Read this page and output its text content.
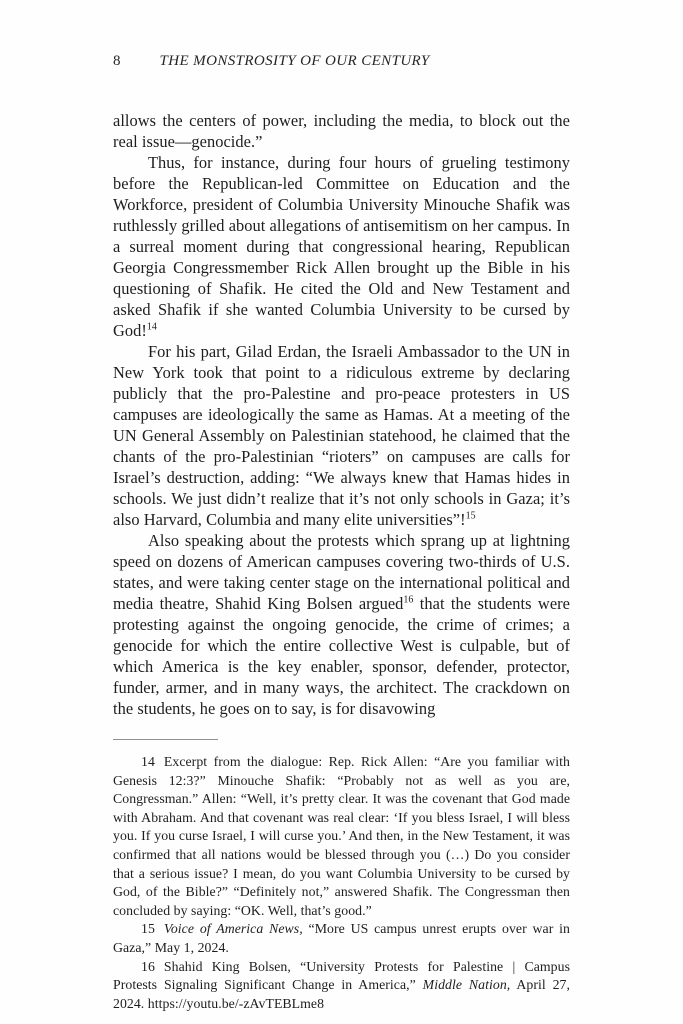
8	THE MONSTROSITY OF OUR CENTURY

allows the centers of power, including the media, to block out the real issue—genocide.”

Thus, for instance, during four hours of grueling testimony before the Republican-led Committee on Education and the Workforce, president of Columbia University Minouche Shafik was ruthlessly grilled about allegations of antisemitism on her campus. In a surreal moment during that congressional hearing, Republican Georgia Congressmember Rick Allen brought up the Bible in his questioning of Shafik. He cited the Old and New Testament and asked Shafik if she wanted Columbia University to be cursed by God!$^{14}$

For his part, Gilad Erdan, the Israeli Ambassador to the UN in New York took that point to a ridiculous extreme by declaring publicly that the pro-Palestine and pro-peace protesters in US campuses are ideologically the same as Hamas. At a meeting of the UN General Assembly on Palestinian statehood, he claimed that the chants of the pro-Palestinian “rioters” on campuses are calls for Israel’s destruction, adding: “We always knew that Hamas hides in schools. We just didn’t realize that it’s not only schools in Gaza; it’s also Harvard, Columbia and many elite universities”!$^{15}$

Also speaking about the protests which sprang up at lightning speed on dozens of American campuses covering two-thirds of U.S. states, and were taking center stage on the international political and media theatre, Shahid King Bolsen argued$^{16}$ that the students were protesting against the ongoing genocide, the crime of crimes; a genocide for which the entire collective West is culpable, but of which America is the key enabler, sponsor, defender, protector, funder, armer, and in many ways, the architect. The crackdown on the students, he goes on to say, is for disavowing

14 Excerpt from the dialogue: Rep. Rick Allen: “Are you familiar with Genesis 12:3?” Minouche Shafik: “Probably not as well as you are, Congressman.” Allen: “Well, it’s pretty clear. It was the covenant that God made with Abraham. And that covenant was real clear: ‘If you bless Israel, I will bless you. If you curse Israel, I will curse you.’ And then, in the New Testament, it was confirmed that all nations would be blessed through you (…) Do you consider that a serious issue? I mean, do you want Columbia University to be cursed by God, of the Bible?” “Definitely not,” answered Shafik. The Congressman then concluded by saying: “OK. Well, that’s good.”

15 Voice of America News, “More US campus unrest erupts over war in Gaza,” May 1, 2024.

16 Shahid King Bolsen, “University Protests for Palestine | Campus Protests Signaling Significant Change in America,” Middle Nation, April 27, 2024. https://youtu.be/-zAvTEBLme8
